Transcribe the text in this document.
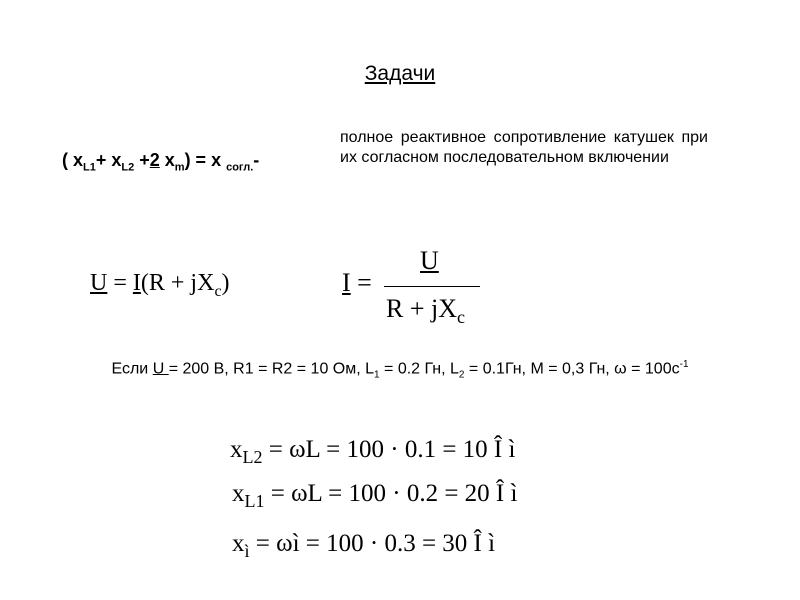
Задачи
( $x_{L1}+ x_{L2} +2$ $x_m) = x$ $_{согл.}$-
полное реактивное сопротивление катушек при их согласном последовательном включении
$U = I(R + jX_c)$	I =
U
$R + jX_c$
Если U = 200 В, R1 = R2 = 10 Ом, $L_1 = 0.2$ Гн, $L_2 = 0.1Гн$, М = 0,3 Гн, $\omega = 100с^{-1}$
$x_{L2} = \omega L = 100 \cdot 0.1 = 10$ Î ì
$x_{L1} = \omega L = 100 \cdot 0.2 = 20$ Î ì
$x_ì$ = ωì = 100 · 0.3 = 30 Î ì
